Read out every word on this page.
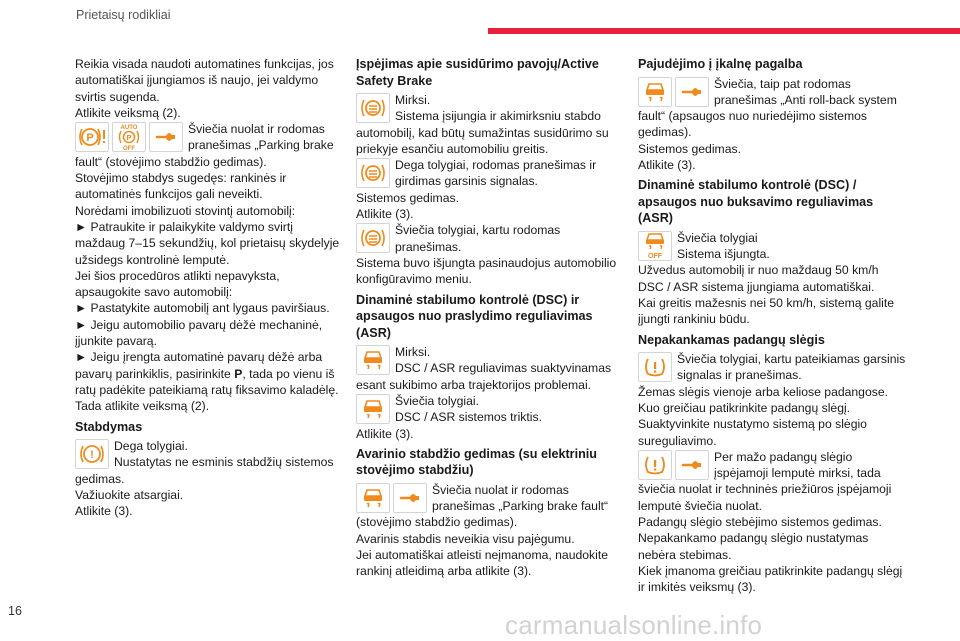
Prietaisų rodikliai

Reikia visada naudoti automatines funkcijas, jos automatiškai įjungiamos iš naujo, jei valdymo svirtis sugenda.

Atlikite veiksmą (2).

P
AUTO
P
OFF

Šviečia nuolat ir rodomas pranešimas „Parking brake fault“ (stovėjimo stabdžio gedimas).

Stovėjimo stabdys sugedęs: rankinės ir automatinės funkcijos gali neveikti.

Norėdami imobilizuoti stovintį automobilį:

► Patraukite ir palaikykite valdymo svirtį maždaug 7–15 sekundžių, kol prietaisų skydelyje užsidegs kontrolinė lemputė.

Jei šios procedūros atlikti nepavyksta, apsaugokite savo automobilį:

► Pastatykite automobilį ant lygaus paviršiaus.

► Jeigu automobilio pavarų dėžė mechaninė, įjunkite pavarą.

► Jeigu įrengta automatinė pavarų dėžė arba pavarų parinkiklis, pasirinkite P, tada po vienu iš ratų padėkite pateikiamą ratų fiksavimo kaladėlę.

Tada atlikite veiksmą (2).

Stabdymas
!

Dega tolygiai.

Nustatytas ne esminis stabdžių sistemos gedimas.

Važiuokite atsargiai.

Atlikite (3).

Įspėjimas apie susidūrimo pavojų/Active Safety Brake

Mirksi.

Sistema įsijungia ir akimirksniu stabdo automobilį, kad būtų sumažintas susidūrimo su priekyje esančiu automobiliu greitis.

Dega tolygiai, rodomas pranešimas ir girdimas garsinis signalas.

Sistemos gedimas.

Atlikite (3).

Šviečia tolygiai, kartu rodomas pranešimas.

Sistema buvo išjungta pasinaudojus automobilio konfigūravimo meniu.

Dinaminė stabilumo kontrolė (DSC) ir apsaugos nuo praslydimo reguliavimas (ASR)

Mirksi.

DSC / ASR reguliavimas suaktyvinamas esant sukibimo arba trajektorijos problemai.

Šviečia tolygiai.

DSC / ASR sistemos triktis.

Atlikite (3).

Avarinio stabdžio gedimas (su elektriniu stovėjimo stabdžiu)

Šviečia nuolat ir rodomas pranešimas „Parking brake fault“ (stovėjimo stabdžio gedimas).

Avarinis stabdis neveikia visu pajėgumu.

Jei automatiškai atleisti neįmanoma, naudokite rankinį atleidimą arba atlikite (3).

Pajudėjimo į įkalnę pagalba

Šviečia, taip pat rodomas pranešimas „Anti roll-back system fault“ (apsaugos nuo nuriedėjimo sistemos gedimas).

Sistemos gedimas.

Atlikite (3).

Dinaminė stabilumo kontrolė (DSC) / apsaugos nuo buksavimo reguliavimas (ASR)
OFF

Šviečia tolygiai

Sistema išjungta.

Užvedus automobilį ir nuo maždaug 50 km/h DSC / ASR sistema įjungiama automatiškai.

Kai greitis mažesnis nei 50 km/h, sistemą galite įjungti rankiniu būdu.

Nepakankamas padangų slėgis

Šviečia tolygiai, kartu pateikiamas garsinis signalas ir pranešimas.

Žemas slėgis vienoje arba keliose padangose.

Kuo greičiau patikrinkite padangų slėgį.

Suaktyvinkite nustatymo sistemą po slėgio sureguliavimo.

Per mažo padangų slėgio įspėjamoji lemputė mirksi, tada šviečia nuolat ir techninės priežiūros įspėjamoji lemputė šviečia nuolat.

Padangų slėgio stebėjimo sistemos gedimas.

Nepakankamo padangų slėgio nustatymas nebėra stebimas.

Kiek įmanoma greičiau patikrinkite padangų slėgį ir imkitės veiksmų (3).

16	carmanualsonline.info
